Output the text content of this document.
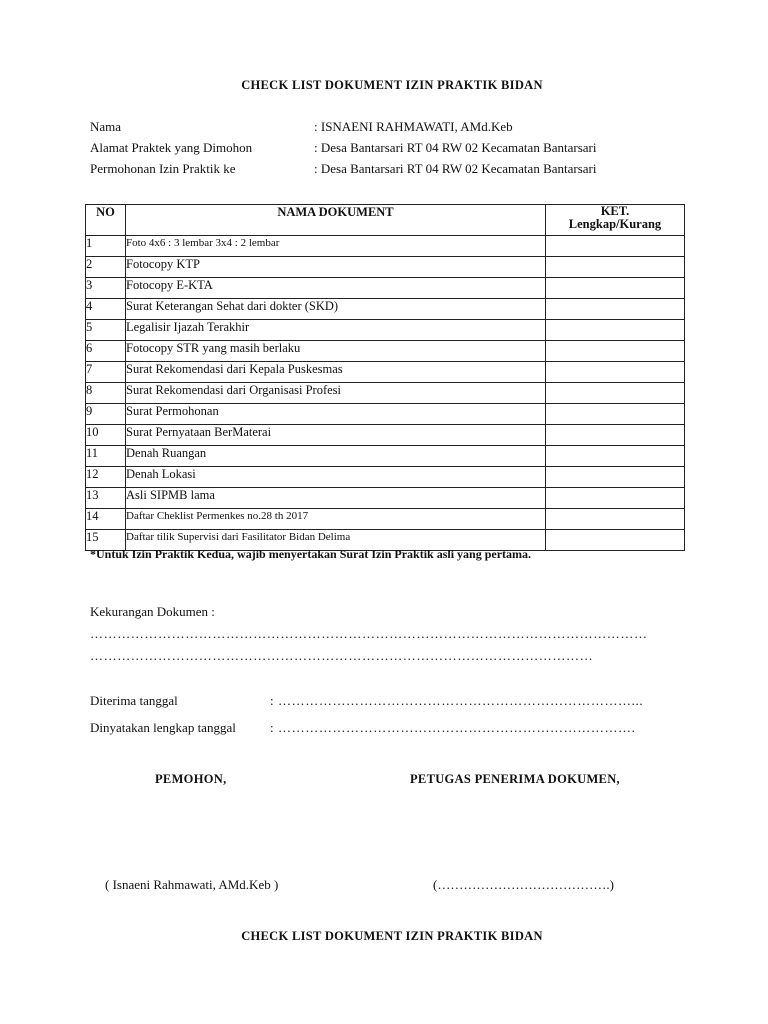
CHECK LIST DOKUMENT IZIN PRAKTIK BIDAN
Nama	: ISNAENI RAHMAWATI, AMd.Keb
Alamat Praktek yang Dimohon	: Desa Bantarsari RT 04 RW 02 Kecamatan Bantarsari
Permohonan Izin Praktik ke	: Desa Bantarsari RT 04 RW 02 Kecamatan Bantarsari
NO	NAMA DOKUMENT	KET.
Lengkap/Kurang

1	Foto 4x6 : 3 lembar 3x4 : 2 lembar	
2	Fotocopy KTP	
3	Fotocopy E-KTA	
4	Surat Keterangan Sehat dari dokter (SKD)	
5	Legalisir Ijazah Terakhir	
6	Fotocopy STR yang masih berlaku	
7	Surat Rekomendasi dari Kepala Puskesmas	
8	Surat Rekomendasi dari Organisasi Profesi	
9	Surat Permohonan	
10	Surat Pernyataan BerMaterai	
11	Denah Ruangan	
12	Denah Lokasi	
13	Asli SIPMB lama	
14	Daftar Cheklist Permenkes no.28 th 2017	
15	Daftar tilik Supervisi dari Fasilitator Bidan Delima	
*Untuk Izin Praktik Kedua, wajib menyertakan Surat Izin Praktik asli yang pertama.
Kekurangan Dokumen :
……………………………………………………………………………………………………………
…………………………………………………………………………………………………
Diterima tanggal	: ……………………………………………………………………...
Dinyatakan lengkap tanggal	: …………………………………………………………………….
PEMOHON,	PETUGAS PENERIMA DOKUMEN,
( Isnaeni Rahmawati, AMd.Keb )	(………………………………….)
CHECK LIST DOKUMENT IZIN PRAKTIK BIDAN
